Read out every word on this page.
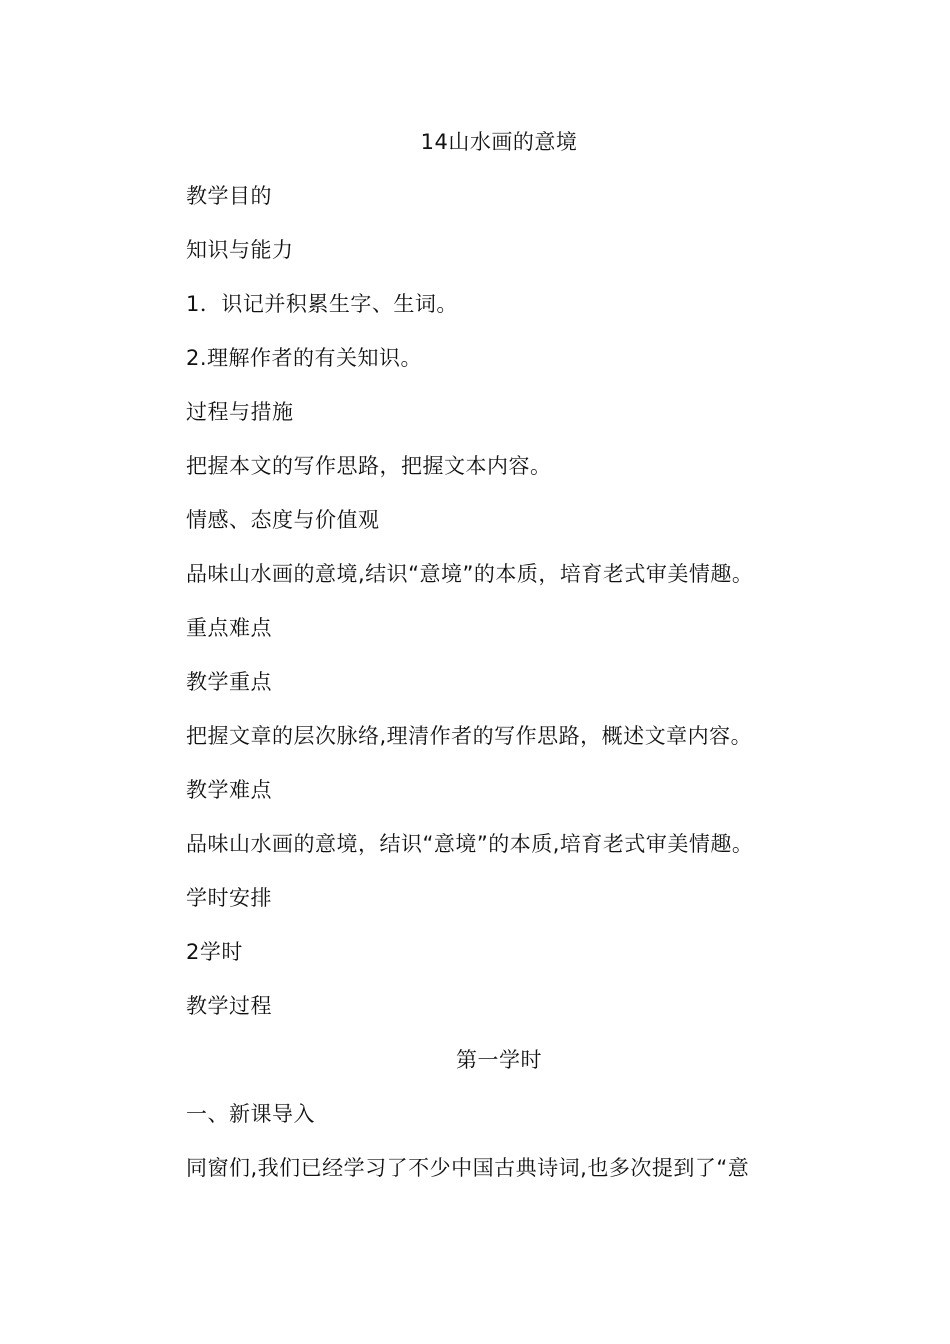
14山水画的意境
教学目的
知识与能力
1．识记并积累生字、生词。
2.理解作者的有关知识。
过程与措施
把握本文的写作思路，把握文本内容。
情感、态度与价值观
品味山水画的意境,结识“意境”的本质，培育老式审美情趣。
重点难点
教学重点
把握文章的层次脉络,理清作者的写作思路，概述文章内容。
教学难点
品味山水画的意境，结识“意境”的本质,培育老式审美情趣。
学时安排
2学时
教学过程
第一学时
一、新课导入
同窗们,我们已经学习了不少中国古典诗词,也多次提到了“意
